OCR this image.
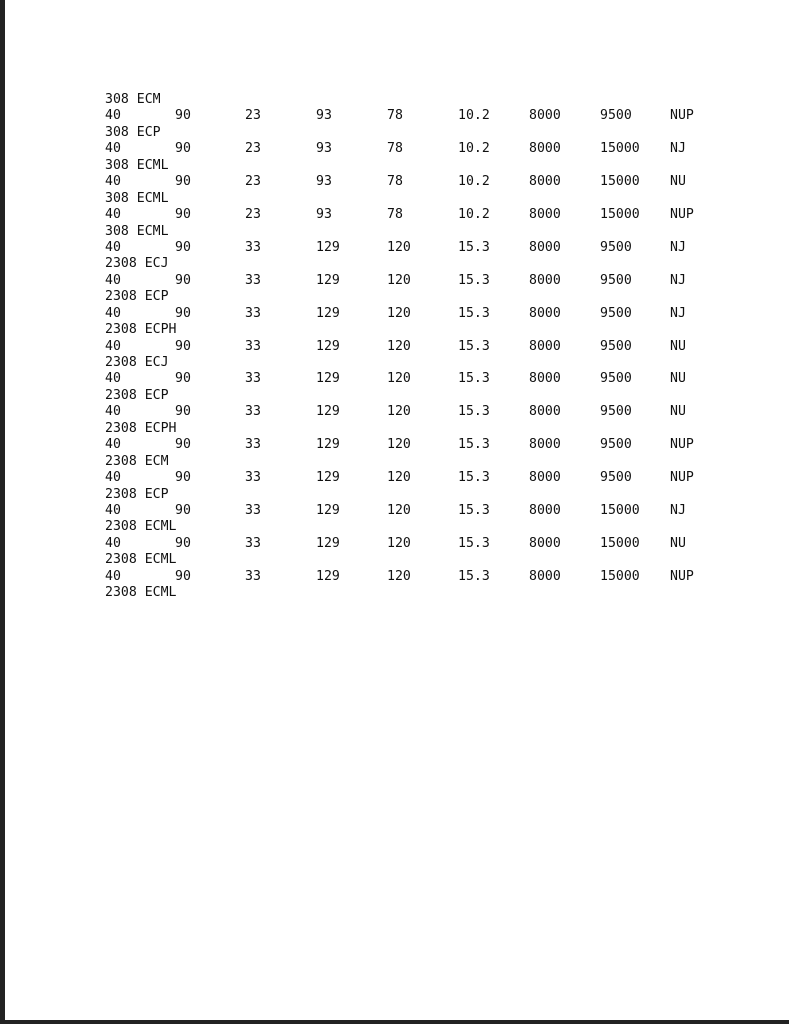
308 ECM
40	90	23	93	78	10.2	8000	9500	NUP
308 ECP
40	90	23	93	78	10.2	8000	15000 NJ
308 ECML
40	90	23	93	78	10.2	8000	15000 NU
308 ECML
40	90	23	93	78	10.2	8000	15000 NUP
308 ECML
40	90	33	129	120	15.3	8000	9500	NJ
2308 ECJ
40	90	33	129	120	15.3	8000	9500	NJ
2308 ECP
40	90	33	129	120	15.3	8000	9500	NJ
2308 ECPH
40	90	33	129	120	15.3	8000	9500	NU
2308 ECJ
40	90	33	129	120	15.3	8000	9500	NU
2308 ECP
40	90	33	129	120	15.3	8000	9500	NU
2308 ECPH
40	90	33	129	120	15.3	8000	9500	NUP
2308 ECM
40	90	33	129	120	15.3	8000	9500	NUP
2308 ECP
40	90	33	129	120	15.3	8000	15000 NJ
2308 ECML
40	90	33	129	120	15.3	8000	15000 NU
2308 ECML
40	90	33	129	120	15.3	8000	15000 NUP
2308 ECML
